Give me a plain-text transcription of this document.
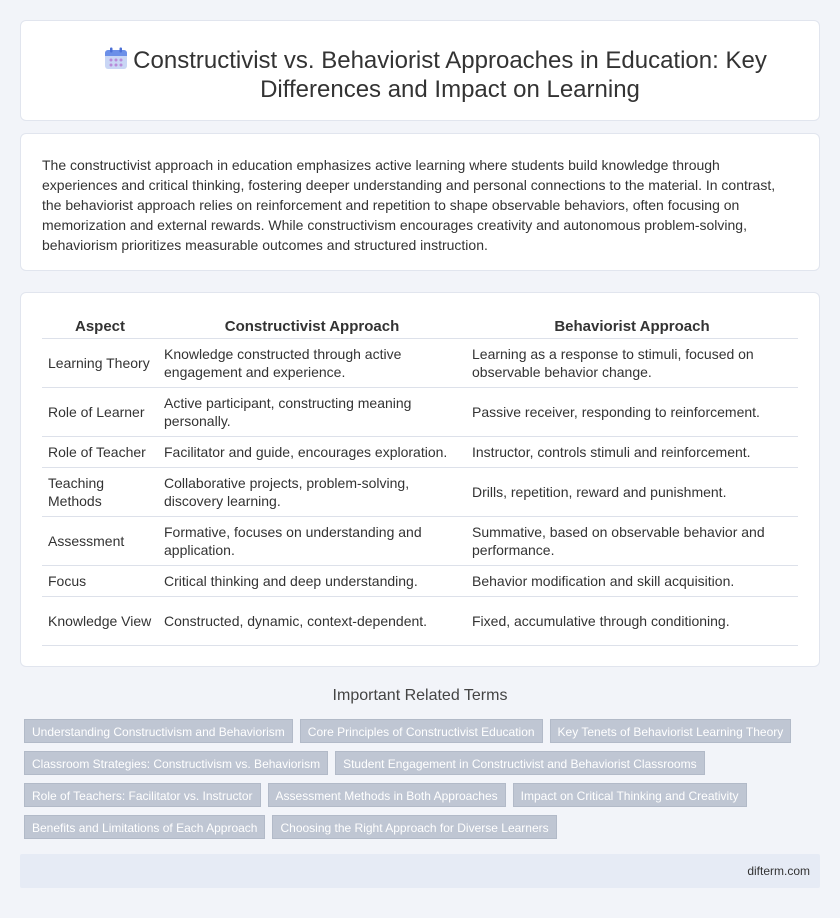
Constructivist vs. Behaviorist Approaches in Education: Key Differences and Impact on Learning

The constructivist approach in education emphasizes active learning where students build knowledge through experiences and critical thinking, fostering deeper understanding and personal connections to the material. In contrast, the behaviorist approach relies on reinforcement and repetition to shape observable behaviors, often focusing on memorization and external rewards. While constructivism encourages creativity and autonomous problem-solving, behaviorism prioritizes measurable outcomes and structured instruction.

Aspect	Constructivist Approach	Behaviorist Approach
Learning Theory	Knowledge constructed through active engagement and experience.	Learning as a response to stimuli, focused on observable behavior change.
Role of Learner	Active participant, constructing meaning personally.	Passive receiver, responding to reinforcement.
Role of Teacher	Facilitator and guide, encourages exploration.	Instructor, controls stimuli and reinforcement.
Teaching Methods	Collaborative projects, problem-solving, discovery learning.	Drills, repetition, reward and punishment.
Assessment	Formative, focuses on understanding and application.	Summative, based on observable behavior and performance.
Focus	Critical thinking and deep understanding.	Behavior modification and skill acquisition.
Knowledge View	Constructed, dynamic, context-dependent.	Fixed, accumulative through conditioning.
Important Related Terms
Understanding Constructivism and Behaviorism	Core Principles of Constructivist Education	Key Tenets of Behaviorist Learning Theory
Classroom Strategies: Constructivism vs. Behaviorism	Student Engagement in Constructivist and Behaviorist Classrooms
Role of Teachers: Facilitator vs. Instructor	Assessment Methods in Both Approaches	Impact on Critical Thinking and Creativity
Benefits and Limitations of Each Approach	Choosing the Right Approach for Diverse Learners
difterm.com
